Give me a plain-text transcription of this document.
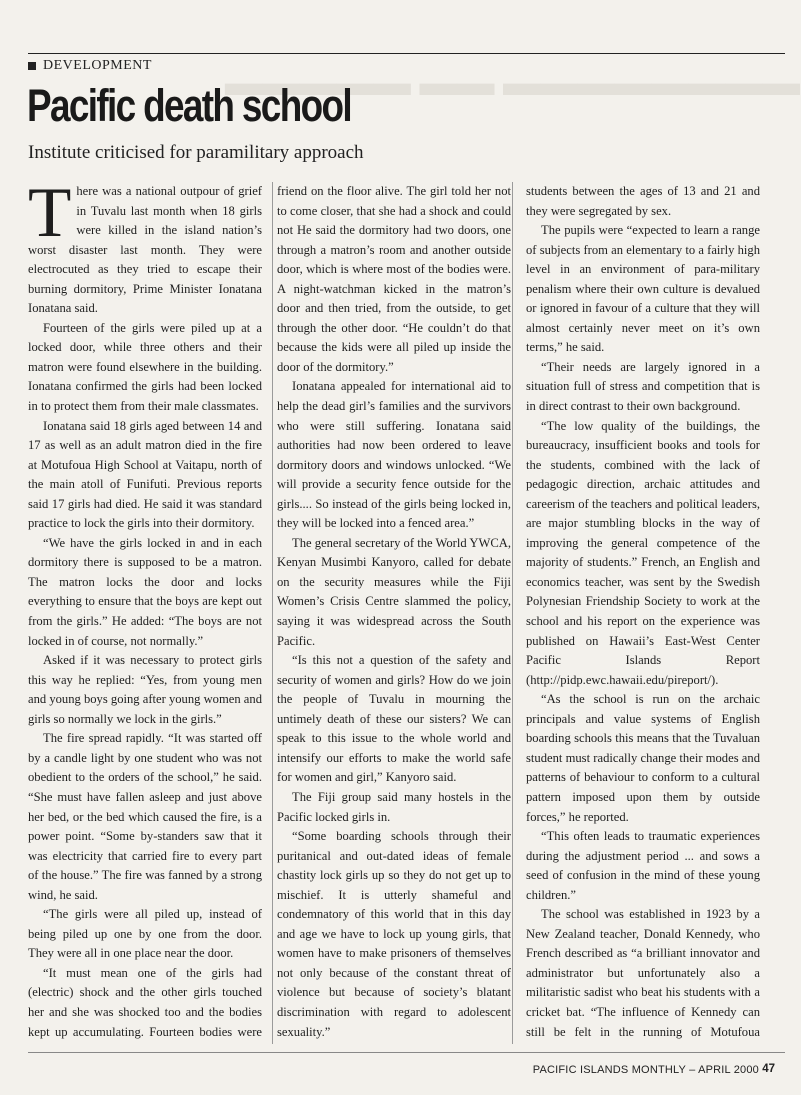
▬▬▬▬▬▬▬▬ ▬▬ ▬▬▬▬▬
DEVELOPMENT
Pacific death school
Institute criticised for paramilitary approach

There was a national outpour of grief in Tuvalu last month when 18 girls were killed in the island nation’s worst disaster last month. They were electrocuted as they tried to escape their burning dormitory, Prime Minister Ionatana Ionatana said.

Fourteen of the girls were piled up at a locked door, while three others and their matron were found elsewhere in the building. Ionatana confirmed the girls had been locked in to protect them from their male classmates.

Ionatana said 18 girls aged between 14 and 17 as well as an adult matron died in the fire at Motufoua High School at Vaitapu, north of the main atoll of Funifuti. Previous reports said 17 girls had died. He said it was standard practice to lock the girls into their dormitory.

“We have the girls locked in and in each dormitory there is supposed to be a matron. The matron locks the door and locks everything to ensure that the boys are kept out from the girls.” He added: “The boys are not locked in of course, not normally.”

Asked if it was necessary to protect girls this way he replied: “Yes, from young men and young boys going after young women and girls so normally we lock in the girls.”

The fire spread rapidly. “It was started off by a candle light by one student who was not obedient to the orders of the school,” he said. “She must have fallen asleep and just above her bed, or the bed which caused the fire, is a power point. “Some by-standers saw that it was electricity that carried fire to every part of the house.” The fire was fanned by a strong wind, he said.

“The girls were all piled up, instead of being piled up one by one from the door. They were all in one place near the door.

“It must mean one of the girls had (electric) shock and the other girls touched her and she was shocked too and the bodies kept up accumulating. Fourteen bodies were

friend on the floor alive. The girl told her not to come closer, that she had a shock and could not He said the dormitory had two doors, one through a matron’s room and another outside door, which is where most of the bodies were. A night-watchman kicked in the matron’s door and then tried, from the outside, to get through the other door. “He couldn’t do that because the kids were all piled up inside the door of the dormitory.”

Ionatana appealed for international aid to help the dead girl’s families and the survivors who were still suffering. Ionatana said authorities had now been ordered to leave dormitory doors and windows unlocked. “We will provide a security fence outside for the girls.... So instead of the girls being locked in, they will be locked into a fenced area.”

The general secretary of the World YWCA, Kenyan Musimbi Kanyoro, called for debate on the security measures while the Fiji Women’s Crisis Centre slammed the policy, saying it was widespread across the South Pacific.

“Is this not a question of the safety and security of women and girls? How do we join the people of Tuvalu in mourning the untimely death of these our sisters? We can speak to this issue to the whole world and intensify our efforts to make the world safe for women and girl,” Kanyoro said.

The Fiji group said many hostels in the Pacific locked girls in.

“Some boarding schools through their puritanical and out-dated ideas of female chastity lock girls up so they do not get up to mischief. It is utterly shameful and condemnatory of this world that in this day and age we have to lock up young girls, that women have to make prisoners of themselves not only because of the constant threat of violence but because of society’s blatant discrimination with regard to adolescent sexuality.”

students between the ages of 13 and 21 and they were segregated by sex.

The pupils were “expected to learn a range of subjects from an elementary to a fairly high level in an environment of para-military penalism where their own culture is devalued or ignored in favour of a culture that they will almost certainly never meet on it’s own terms,” he said.

“Their needs are largely ignored in a situation full of stress and competition that is in direct contrast to their own background.

“The low quality of the buildings, the bureaucracy, insufficient books and tools for the students, combined with the lack of pedagogic direction, archaic attitudes and careerism of the teachers and political leaders, are major stumbling blocks in the way of improving the general competence of the majority of students.” French, an English and economics teacher, was sent by the Swedish Polynesian Friendship Society to work at the school and his report on the experience was published on Hawaii’s East-West Center Pacific Islands Report (http://pidp.ewc.hawaii.edu/pireport/).

“As the school is run on the archaic principals and value systems of English boarding schools this means that the Tuvaluan student must radically change their modes and patterns of behaviour to conform to a cultural pattern imposed upon them by outside forces,” he reported.

“This often leads to traumatic experiences during the adjustment period ... and sows a seed of confusion in the mind of these young children.”

The school was established in 1923 by a New Zealand teacher, Donald Kennedy, who French described as “a brilliant innovator and administrator but unfortunately also a militaristic sadist who beat his students with a cricket bat. “The influence of Kennedy can still be felt in the running of Motufoua

PACIFIC ISLANDS MONTHLY – APRIL 2000 47
